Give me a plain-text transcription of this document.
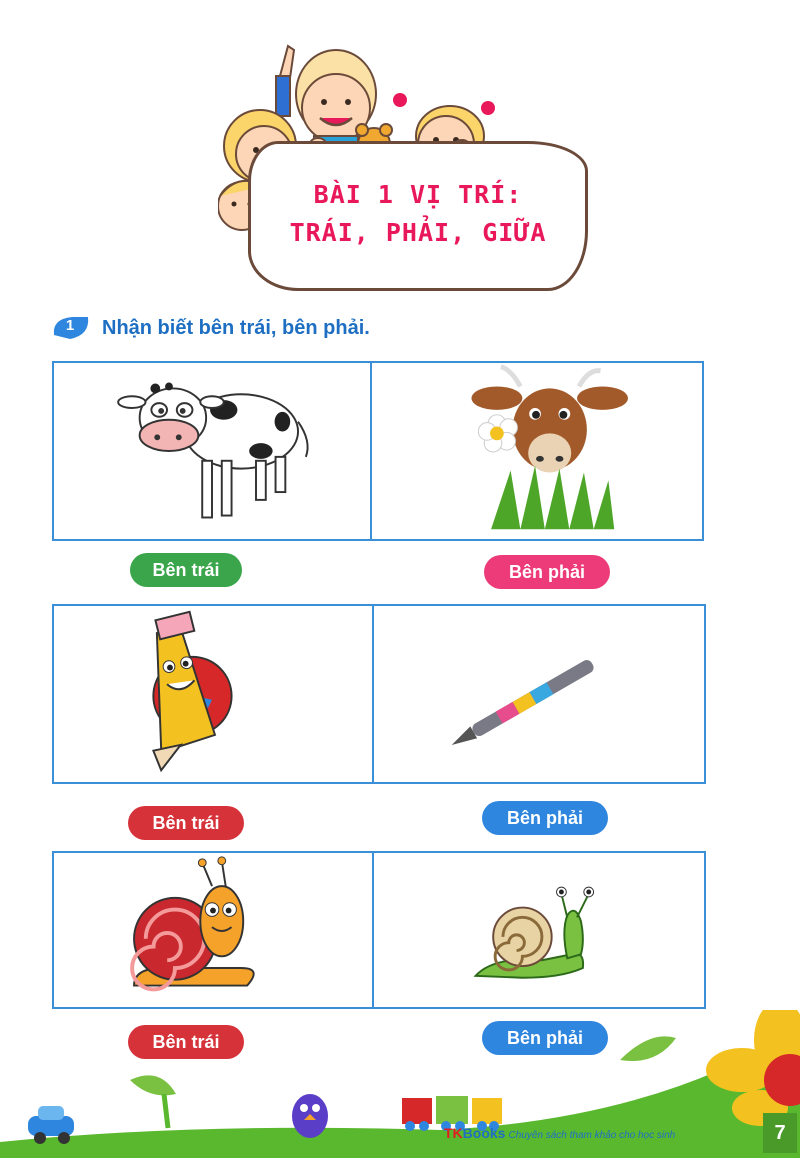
BÀI 1 VỊ TRÍ:
TRÁI, PHẢI, GIỮA
1	Nhận biết bên trái, bên phải.
Bên trái	Bên phải
Bên trái	Bên phải
Bên trái	Bên phải
TKBooks Chuyên sách tham khảo cho học sinh	7
